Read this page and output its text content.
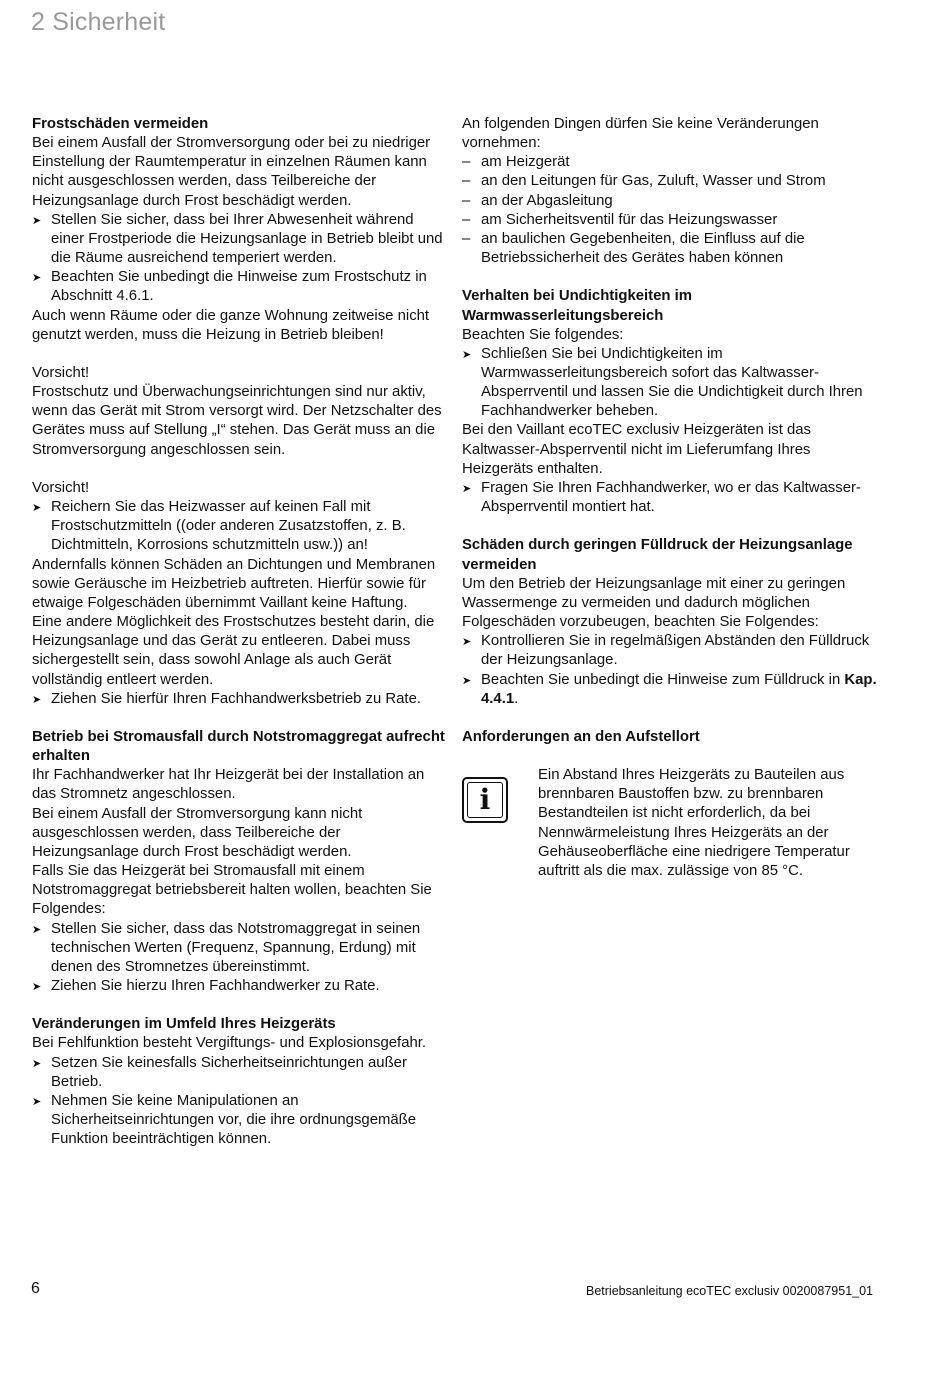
2 Sicherheit
Frostschäden vermeiden

Bei einem Ausfall der Stromversorgung oder bei zu niedriger Einstellung der Raumtemperatur in einzelnen Räumen kann nicht ausgeschlossen werden, dass Teilbereiche der Heizungsanlage durch Frost beschädigt werden.

➤ Stellen Sie sicher, dass bei Ihrer Abwesenheit während einer Frostperiode die Heizungsanlage in Betrieb bleibt und die Räume ausreichend temperiert werden.
➤ Beachten Sie unbedingt die Hinweise zum Frostschutz in Abschnitt 4.6.1.

Auch wenn Räume oder die ganze Wohnung zeitweise nicht genutzt werden, muss die Heizung in Betrieb bleiben!

Vorsicht!

Frostschutz und Überwachungseinrichtungen sind nur aktiv, wenn das Gerät mit Strom versorgt wird. Der Netzschalter des Gerätes muss auf Stellung „I“ stehen. Das Gerät muss an die Stromversorgung angeschlossen sein.

Vorsicht!

➤ Reichern Sie das Heizwasser auf keinen Fall mit Frostschutzmitteln ((oder anderen Zusatzstoffen, z. B. Dichtmitteln, Korrosions schutzmitteln usw.)) an!

Andernfalls können Schäden an Dichtungen und Membranen sowie Geräusche im Heizbetrieb auftreten. Hierfür sowie für etwaige Folgeschäden übernimmt Vaillant keine Haftung.

Eine andere Möglichkeit des Frostschutzes besteht darin, die Heizungsanlage und das Gerät zu entleeren. Dabei muss sichergestellt sein, dass sowohl Anlage als auch Gerät vollständig entleert werden.

➤ Ziehen Sie hierfür Ihren Fachhandwerksbetrieb zu Rate.
Betrieb bei Stromausfall durch Notstromaggregat aufrecht erhalten

Ihr Fachhandwerker hat Ihr Heizgerät bei der Installation an das Stromnetz angeschlossen.

Bei einem Ausfall der Stromversorgung kann nicht ausgeschlossen werden, dass Teilbereiche der Heizungsanlage durch Frost beschädigt werden.

Falls Sie das Heizgerät bei Stromausfall mit einem Notstromaggregat betriebsbereit halten wollen, beachten Sie Folgendes:

➤ Stellen Sie sicher, dass das Notstromaggregat in seinen technischen Werten (Frequenz, Spannung, Erdung) mit denen des Stromnetzes übereinstimmt.
➤ Ziehen Sie hierzu Ihren Fachhandwerker zu Rate.
Veränderungen im Umfeld Ihres Heizgeräts

Bei Fehlfunktion besteht Vergiftungs- und Explosionsgefahr.

➤ Setzen Sie keinesfalls Sicherheitseinrichtungen außer Betrieb.
➤ Nehmen Sie keine Manipulationen an Sicherheitseinrichtungen vor, die ihre ordnungsgemäße Funktion beeinträchtigen können.

An folgenden Dingen dürfen Sie keine Veränderungen vornehmen:

– am Heizgerät
– an den Leitungen für Gas, Zuluft, Wasser und Strom
– an der Abgasleitung
– am Sicherheitsventil für das Heizungswasser
– an baulichen Gegebenheiten, die Einfluss auf die Betriebssicherheit des Gerätes haben können
Verhalten bei Undichtigkeiten im Warmwasserleitungsbereich

Beachten Sie folgendes:

➤ Schließen Sie bei Undichtigkeiten im Warmwasserleitungsbereich sofort das Kaltwasser-Absperrventil und lassen Sie die Undichtigkeit durch Ihren Fachhandwerker beheben.

Bei den Vaillant ecoTEC exclusiv Heizgeräten ist das Kaltwasser-Absperrventil nicht im Lieferumfang Ihres Heizgeräts enthalten.

➤ Fragen Sie Ihren Fachhandwerker, wo er das Kaltwasser-Absperrventil montiert hat.
Schäden durch geringen Fülldruck der Heizungsanlage vermeiden

Um den Betrieb der Heizungsanlage mit einer zu geringen Wassermenge zu vermeiden und dadurch möglichen Folgeschäden vorzubeugen, beachten Sie Folgendes:

➤ Kontrollieren Sie in regelmäßigen Abständen den Fülldruck der Heizungsanlage.
➤ Beachten Sie unbedingt die Hinweise zum Fülldruck in Kap. 4.4.1.
Anforderungen an den Aufstellort
i
Ein Abstand Ihres Heizgeräts zu Bauteilen aus brennbaren Baustoffen bzw. zu brennbaren Bestandteilen ist nicht erforderlich, da bei Nennwärmeleistung Ihres Heizgeräts an der Gehäuseoberfläche eine niedrigere Temperatur auftritt als die max. zulässige von 85 °C.
6	Betriebsanleitung ecoTEC exclusiv 0020087951_01
